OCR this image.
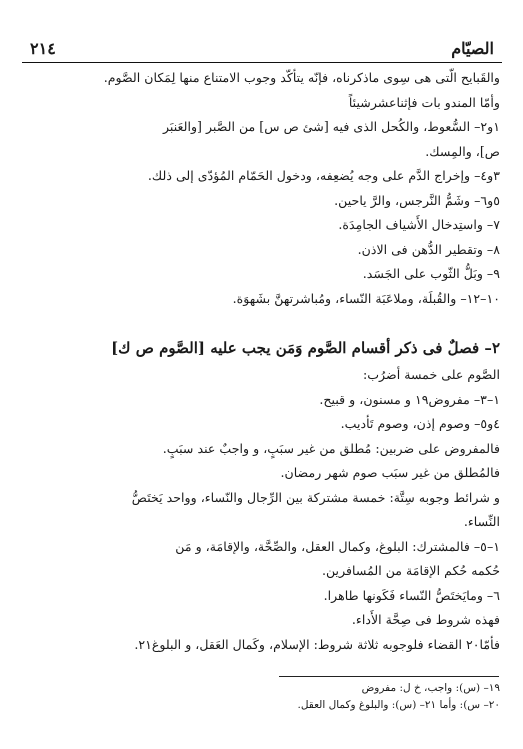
٢١٤	الصيّام
والقَبايح الّتى هى سِوى ماذكرناه، فإنّه يتأكّد وجوب الامتناع منها لِمَكان الصَّوم.
وأمّا المندو بات فإثناعشرشيئاً
١و٢– السُّعوط، والكُحل الذى فيه [شئ ص س] من الصَّبر [والعَنبَر
ص]، والمِسك.
٣و٤– وإخراج الدَّم على وجه يُضعِفه، ودخول الحَمّام المُؤدّى إلى ذلك.
٥و٦– وشَمُّ النَّرجس، والرَّ ياحين.
٧– واستِدخال الأَشياف الجامِدَة.
٨– وتقطير الدُّهن فى الاذن.
٩– وبَلُّ الثّوب على الجَسَد.
١٠–١٢– والقُبلَة، وملاعَبَة النّساء، ومُباشرتهنَّ بشَهوَة.
٢– فصلٌ فى ذكر أقسام الصَّوم وَمَن يجب عليه [الصَّوم ص ك]
الصَّوم على خمسة أضرُب:
١–٣– مفروض١٩ و مسنون، و قبيح.
٤و٥– وصوم إذن، وصوم تَأديب.
فالمفروض على ضربين: مُطلق من غير سبَبٍ، و واجبٌ عند سبَبٍ.
فالمُطلق من غير سبَب صوم شهر رمضان.
و شرائط وجوبه سِتَّة: خمسة مشتركة بين الرِّجال والنّساء، وواحد يَختَصُّ
النِّساء.
١–٥– فالمشترك: البلوغ، وكمال العقل، والصِّحَّة، والإقامَة، و مَن
حُكمه حُكم الإقامَة من المُسافرين.
٦– ومايَختَصُّ النّساء فَكَونها طاهرا.
فهذه شروط فى صِحَّة الأَداء.
فأمّا٢٠ القضاء فلوجوبه ثلاثة شروط: الإسلام، وكَمال العَقل، و البلوغ٢١.
١٩– (س): واجب، خ ل: مفروض
٢٠– س): وأما ٢١– (س): والبلوغ وكمال العقل.
